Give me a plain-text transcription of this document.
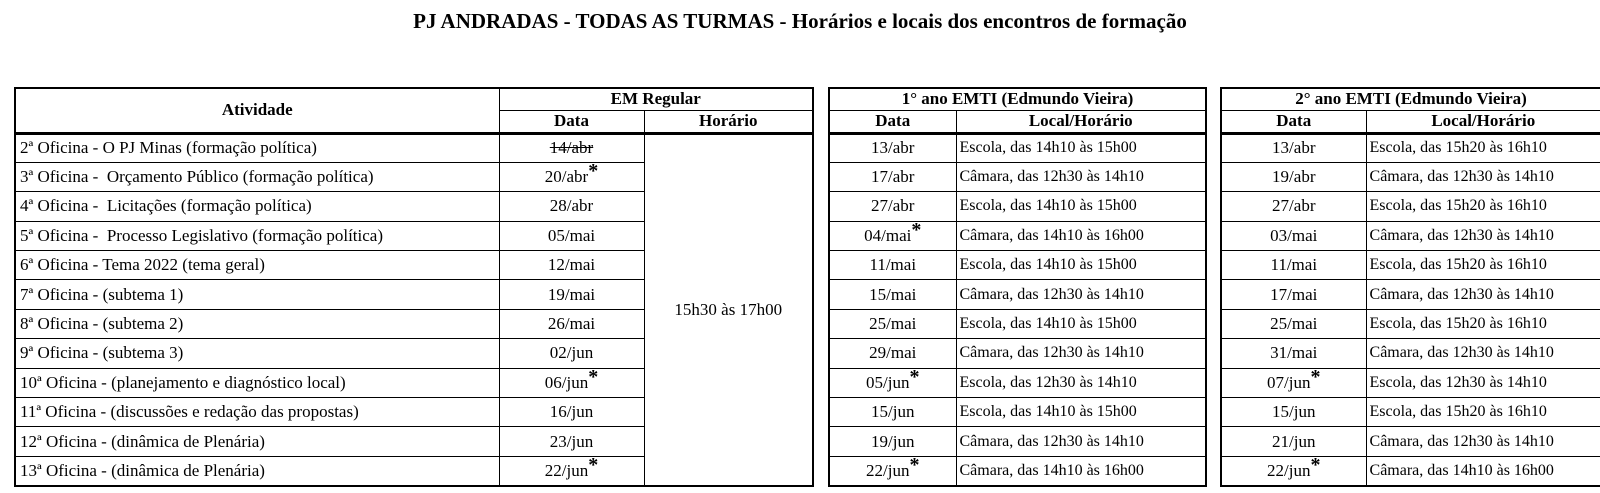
PJ ANDRADAS - TODAS AS TURMAS - Horários e locais dos encontros de formação
Atividade	EM Regular	
	Data	Horário
2ª Oficina - O PJ Minas (formação política)	14/abr	15h30 às 17h00
3ª Oficina -  Orçamento Público (formação política)	20/abr*	
4ª Oficina -  Licitações (formação política)	28/abr	
5ª Oficina -  Processo Legislativo (formação política)	05/mai	
6ª Oficina - Tema 2022 (tema geral)	12/mai	
7ª Oficina - (subtema 1)	19/mai	
8ª Oficina - (subtema 2)	26/mai	
9ª Oficina - (subtema 3)	02/jun	
10ª Oficina - (planejamento e diagnóstico local)	06/jun*	
11ª Oficina - (discussões e redação das propostas)	16/jun	
12ª Oficina - (dinâmica de Plenária)	23/jun	
13ª Oficina - (dinâmica de Plenária)	22/jun*	
1° ano EMTI (Edmundo Vieira)	
Data	Local/Horário
13/abr	Escola, das 14h10 às 15h00
17/abr	Câmara, das 12h30 às 14h10
27/abr	Escola, das 14h10 às 15h00
04/mai*	Câmara, das 14h10 às 16h00
11/mai	Escola, das 14h10 às 15h00
15/mai	Câmara, das 12h30 às 14h10
25/mai	Escola, das 14h10 às 15h00
29/mai	Câmara, das 12h30 às 14h10
05/jun*	Escola, das 12h30 às 14h10
15/jun	Escola, das 14h10 às 15h00
19/jun	Câmara, das 12h30 às 14h10
22/jun*	Câmara, das 14h10 às 16h00
2° ano EMTI (Edmundo Vieira)	
Data	Local/Horário
13/abr	Escola, das 15h20 às 16h10
19/abr	Câmara, das 12h30 às 14h10
27/abr	Escola, das 15h20 às 16h10
03/mai	Câmara, das 12h30 às 14h10
11/mai	Escola, das 15h20 às 16h10
17/mai	Câmara, das 12h30 às 14h10
25/mai	Escola, das 15h20 às 16h10
31/mai	Câmara, das 12h30 às 14h10
07/jun*	Escola, das 12h30 às 14h10
15/jun	Escola, das 15h20 às 16h10
21/jun	Câmara, das 12h30 às 14h10
22/jun*	Câmara, das 14h10 às 16h00
